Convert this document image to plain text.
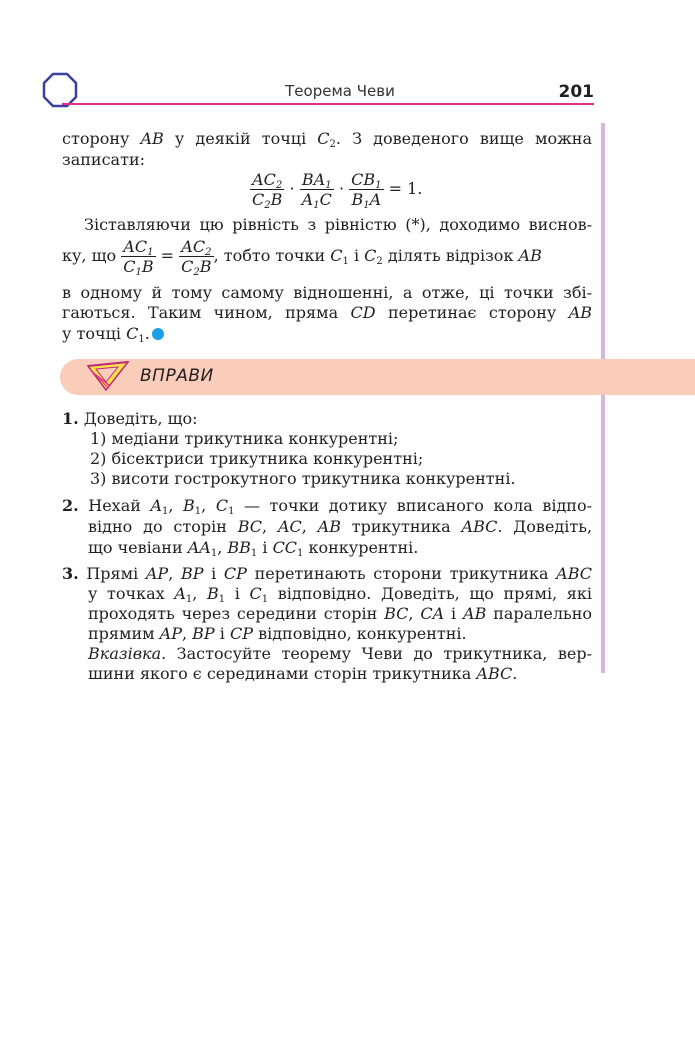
Теорема Чеви	201
сторону AB у деякій точці $C_2$. З доведеного вище можна
записати:
$\frac{AC_2}{C_2B} \cdot \frac{BA_1}{A_1C} \cdot \frac{CB_1}{B_1A} = 1$.
Зіставляючи цю рівність з рівністю (*), доходимо виснов-
ку, що $\frac{AC_1}{C_1B} = \frac{AC_2}{C_2B}$ , тобто точки $C_1$ і $C_2$ ділять відрізок AB
в одному й тому самому відношенні, а отже, ці точки збі-
гаються. Таким чином, пряма CD перетинає сторону AB
у точці $C_1$.
ВПРАВИ
1. Доведіть, що:
1) медіани трикутника конкурентні;
2) бісектриси трикутника конкурентні;
3) висоти гострокутного трикутника конкурентні.
2. Нехай $A_1$, $B_1$, $C_1$ — точки дотику вписаного кола відпо-
відно до сторін BC, AC, AB трикутника ABC. Доведіть,
що чевіани $AA_1$, $BB_1$ і $CC_1$ конкурентні.
3. Прямі AP, BP і CP перетинають сторони трикутника ABC
у точках $A_1$, $B_1$ і $C_1$ відповідно. Доведіть, що прямі, які
проходять через середини сторін BC, CA і AB паралельно
прямим AP, BP і CP відповідно, конкурентні.
Вказівка. Застосуйте теорему Чеви до трикутника, вер-
шини якого є серединами сторін трикутника ABC.
